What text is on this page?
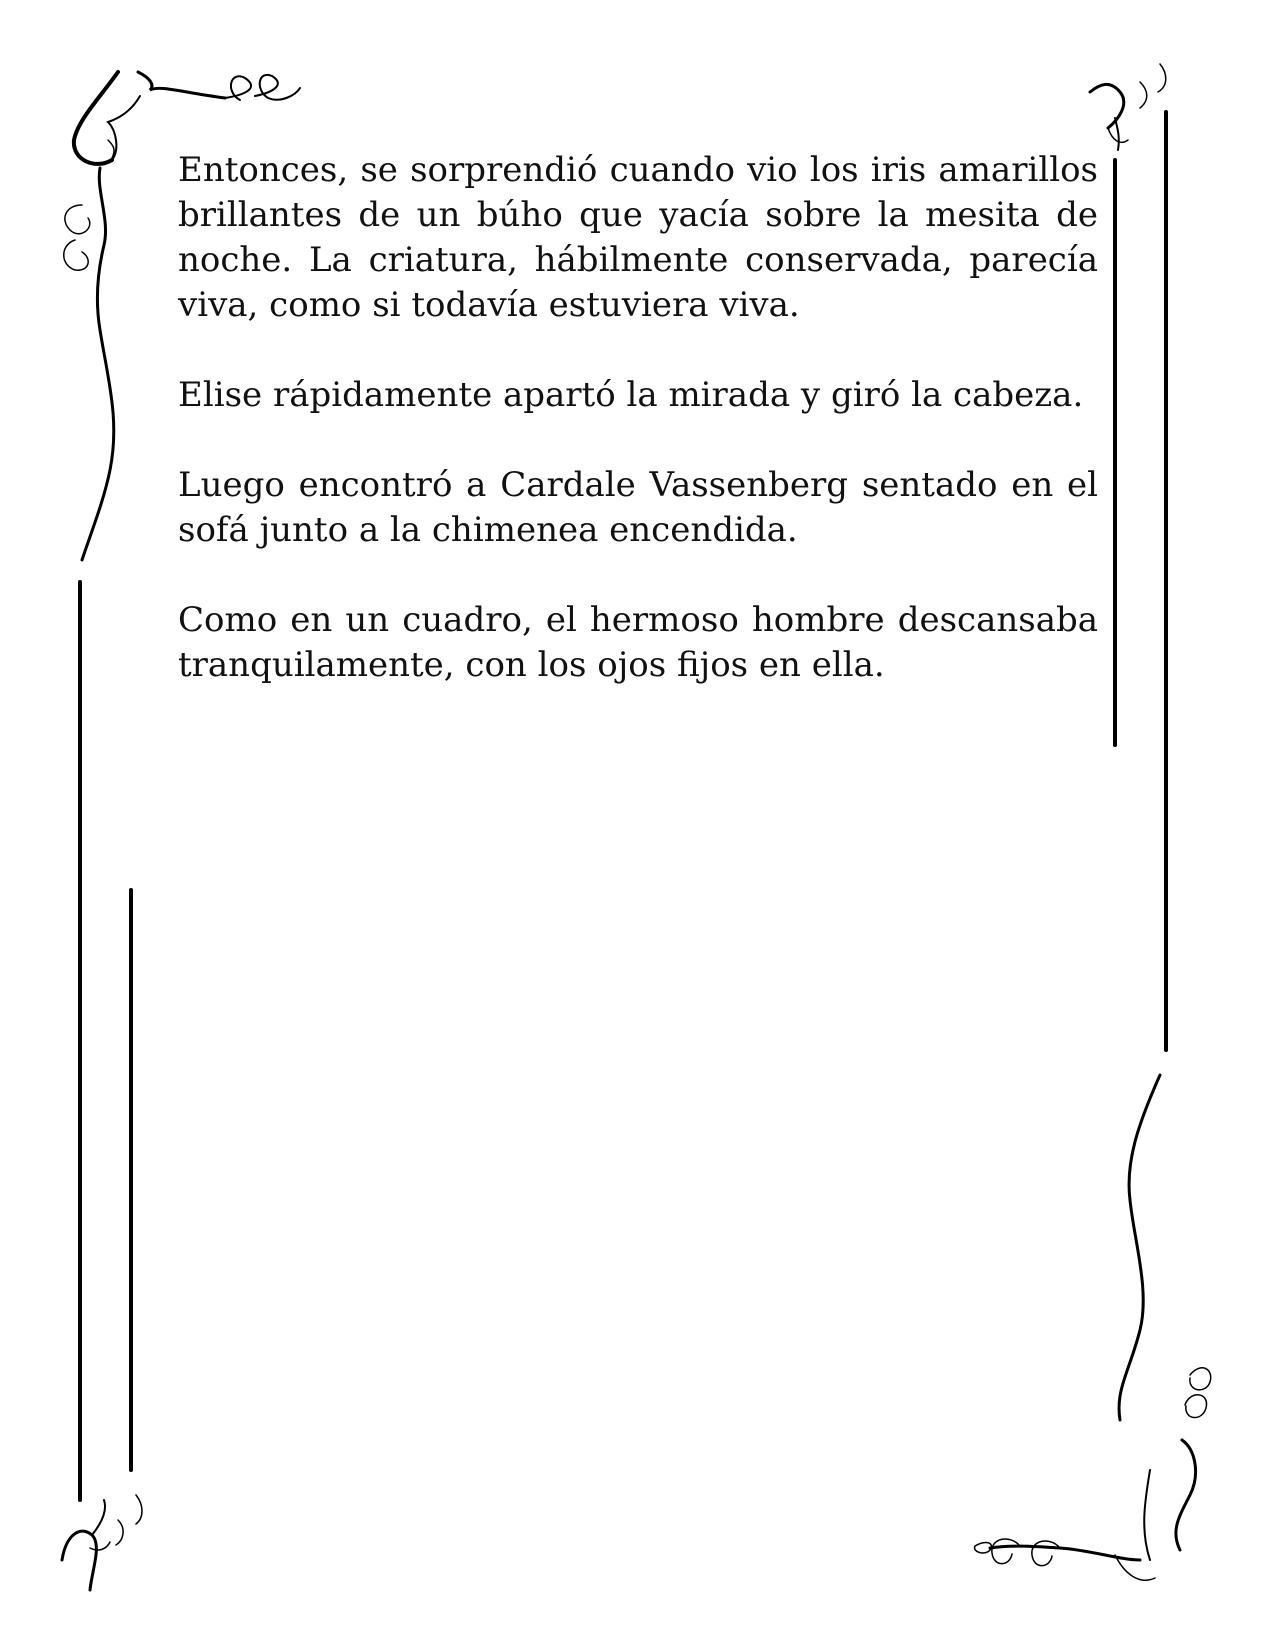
Entonces, se sorprendió cuando vio los iris amarillos brillantes de un búho que yacía sobre la mesita de noche. La criatura, hábilmente conservada, parecía viva, como si todavía estuviera viva.

Elise rápidamente apartó la mirada y giró la cabeza.

Luego encontró a Cardale Vassenberg sentado en el sofá junto a la chimenea encendida.

Como en un cuadro, el hermoso hombre descansaba tranquilamente, con los ojos fijos en ella.
